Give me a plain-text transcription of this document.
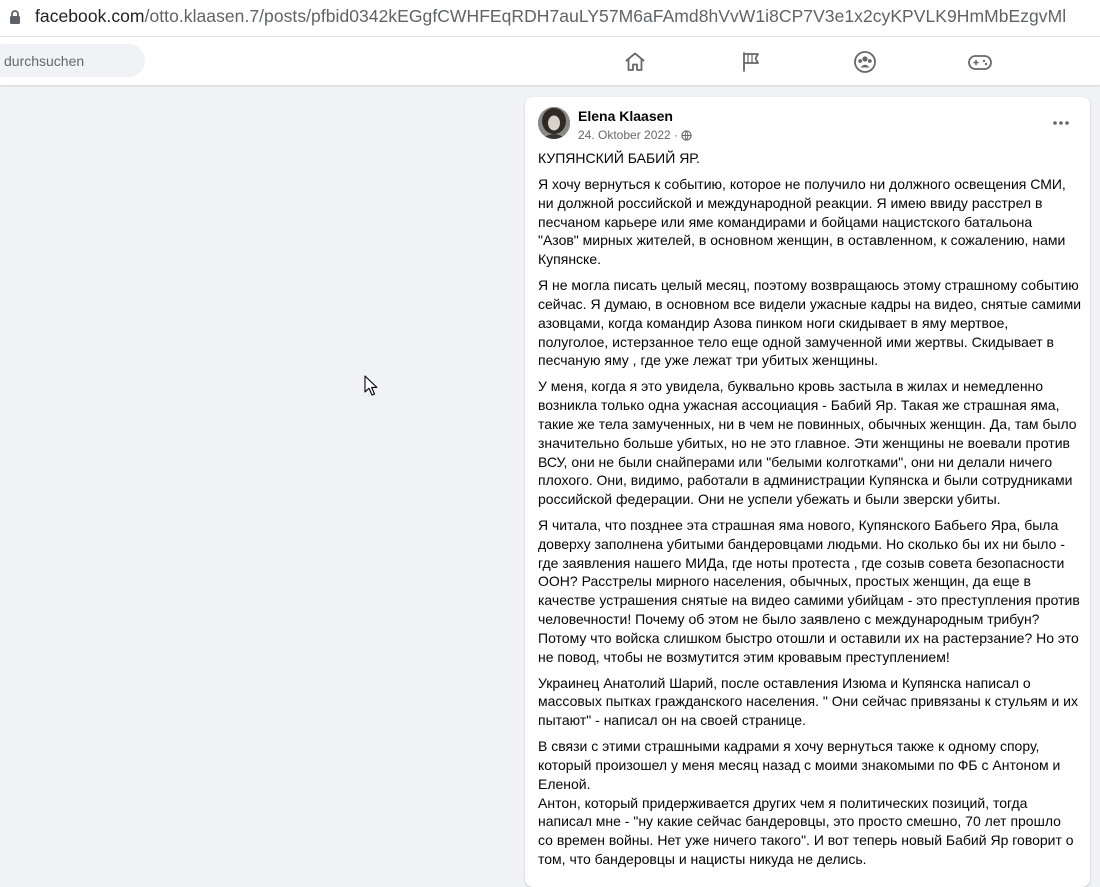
facebook.com/otto.klaasen.7/posts/pfbid0342kEGgfCWHFEqRDH7auLY57M6aFAmd8hVvW1i8CP7V3e1x2cyKPVLK9HmMbEzgvMl
durchsuchen
Elena Klaasen
24. Oktober 2022 ·

КУПЯНСКИЙ БАБИЙ ЯР.

Я хочу вернуться к событию, которое не получило ни должного освещения СМИ,
ни должной российской и международной реакции. Я имею ввиду расстрел в
песчаном карьере или яме командирами и бойцами нацистского батальона
"Азов" мирных жителей, в основном женщин, в оставленном, к сожалению, нами
Купянске.

Я не могла писать целый месяц, поэтому возвращаюсь этому страшному событию
сейчас. Я думаю, в основном все видели ужасные кадры на видео, снятые самими
азовцами, когда командир Азова пинком ноги скидывает в яму мертвое,
полуголое, истерзанное тело еще одной замученной ими жертвы. Скидывает в
песчаную яму , где уже лежат три убитых женщины.

У меня, когда я это увидела, буквально кровь застыла в жилах и немедленно
возникла только одна ужасная ассоциация - Бабий Яр. Такая же страшная яма,
такие же тела замученных, ни в чем не повинных, обычных женщин. Да, там было
значительно больше убитых, но не это главное. Эти женщины не воевали против
ВСУ, они не были снайперами или "белыми колготками", они ни делали ничего
плохого. Они, видимо, работали в администрации Купянска и были сотрудниками
российской федерации. Они не успели убежать и были зверски убиты.

Я читала, что позднее эта страшная яма нового, Купянского Бабьего Яра, была
доверху заполнена убитыми бандеровцами людьми. Но сколько бы их ни было -
где заявления нашего МИДа, где ноты протеста , где созыв совета безопасности
ООН? Расстрелы мирного населения, обычных, простых женщин, да еще в
качестве устрашения снятые на видео самими убийцам - это преступления против
человечности! Почему об этом не было заявлено с международным трибун?
Потому что войска слишком быстро отошли и оставили их на растерзание? Но это
не повод, чтобы не возмутится этим кровавым преступлением!

Украинец Анатолий Шарий, после оставления Изюма и Купянска написал о
массовых пытках гражданского населения. " Они сейчас привязаны к стульям и их
пытают" - написал он на своей странице.

В связи с этими страшными кадрами я хочу вернуться также к одному спору,
который произошел у меня месяц назад с моими знакомыми по ФБ с Антоном и
Еленой.
Антон, который придерживается других чем я политических позиций, тогда
написал мне - "ну какие сейчас бандеровцы, это просто смешно, 70 лет прошло
со времен войны. Нет уже ничего такого". И вот теперь новый Бабий Яр говорит о
том, что бандеровцы и нацисты никуда не делись.
